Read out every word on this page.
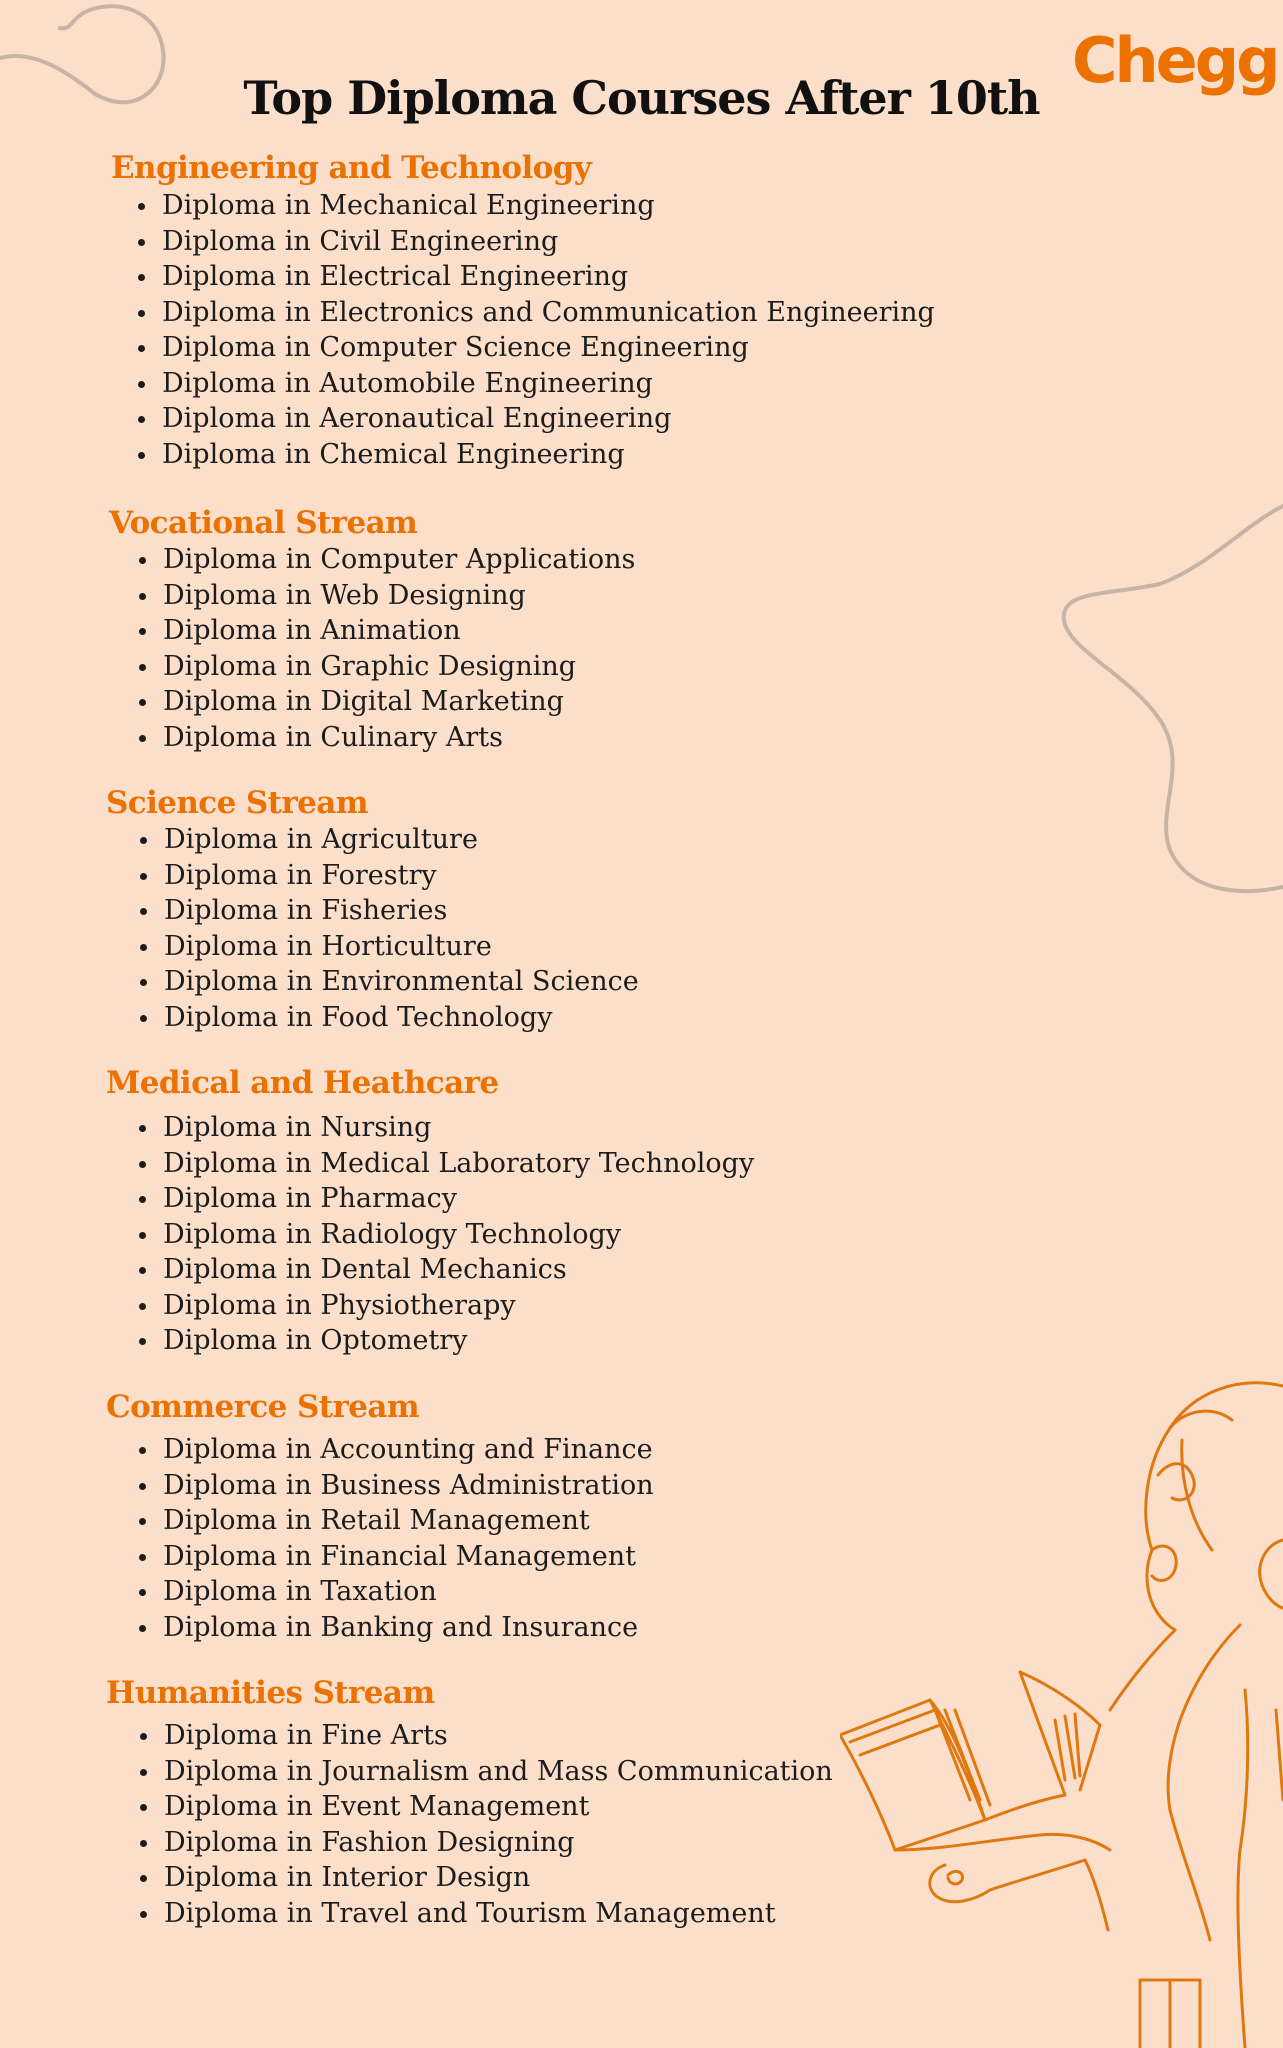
Top Diploma Courses After 10th
Chegg
Engineering and Technology
Diploma in Mechanical Engineering
Diploma in Civil Engineering
Diploma in Electrical Engineering
Diploma in Electronics and Communication Engineering
Diploma in Computer Science Engineering
Diploma in Automobile Engineering
Diploma in Aeronautical Engineering
Diploma in Chemical Engineering
Vocational Stream
Diploma in Computer Applications
Diploma in Web Designing
Diploma in Animation
Diploma in Graphic Designing
Diploma in Digital Marketing
Diploma in Culinary Arts
Science Stream
Diploma in Agriculture
Diploma in Forestry
Diploma in Fisheries
Diploma in Horticulture
Diploma in Environmental Science
Diploma in Food Technology
Medical and Heathcare
Diploma in Nursing
Diploma in Medical Laboratory Technology
Diploma in Pharmacy
Diploma in Radiology Technology
Diploma in Dental Mechanics
Diploma in Physiotherapy
Diploma in Optometry
Commerce Stream
Diploma in Accounting and Finance
Diploma in Business Administration
Diploma in Retail Management
Diploma in Financial Management
Diploma in Taxation
Diploma in Banking and Insurance
Humanities Stream
Diploma in Fine Arts
Diploma in Journalism and Mass Communication
Diploma in Event Management
Diploma in Fashion Designing
Diploma in Interior Design
Diploma in Travel and Tourism Management
